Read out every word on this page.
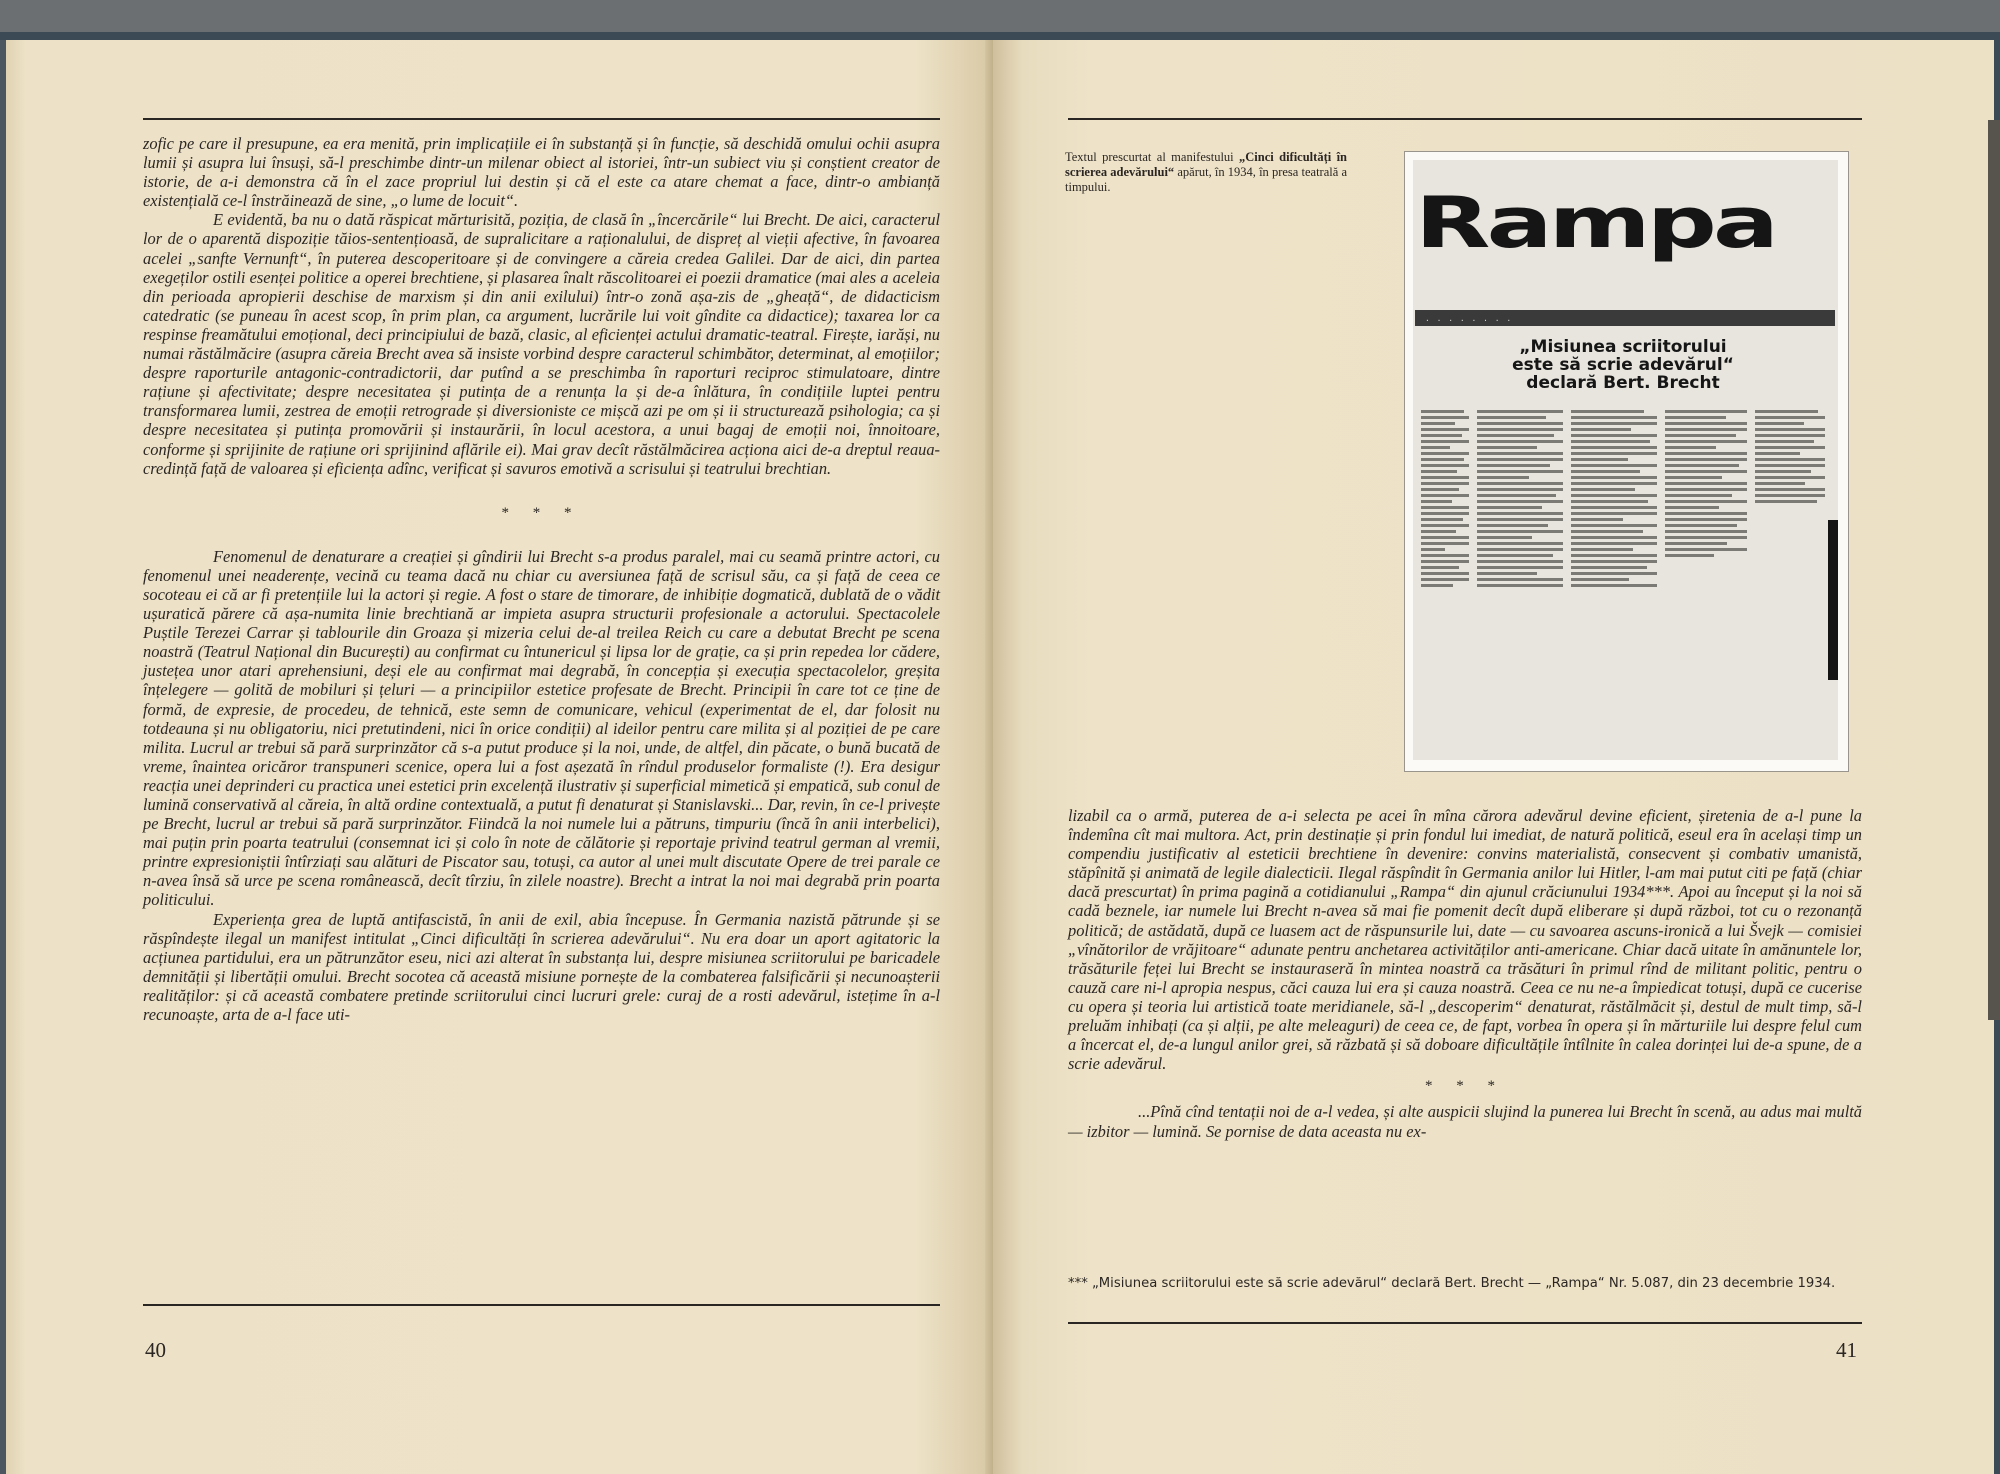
zofic pe care il presupune, ea era menită, prin implicațiile ei în substanță și în funcție, să deschidă omului ochii asupra lumii și asupra lui însuși, să-l preschimbe dintr-un milenar obiect al istoriei, într-un subiect viu și conștient creator de istorie, de a-i demonstra că în el zace propriul lui destin și că el este ca atare chemat a face, dintr-o ambianță existențială ce-l înstrăinează de sine, „o lume de locuit“.

E evidentă, ba nu o dată răspicat mărturisită, poziția, de clasă în „încercările“ lui Brecht. De aici, caracterul lor de o aparentă dispoziție tăios-sentențioasă, de supralicitare a raționalului, de dispreț al vieții afective, în favoarea acelei „sanfte Vernunft“, în puterea descoperitoare și de convingere a căreia credea Galilei. Dar de aici, din partea exegeților ostili esenței politice a operei brechtiene, și plasarea înalt răscolitoarei ei poezii dramatice (mai ales a aceleia din perioada apropierii deschise de marxism și din anii exilului) într-o zonă așa-zis de „gheață“, de didacticism catedratic (se puneau în acest scop, în prim plan, ca argument, lucrările lui voit gîndite ca didactice); taxarea lor ca respinse freamătului emoțional, deci principiului de bază, clasic, al eficienței actului dramatic-teatral. Firește, iarăși, nu numai răstălmăcire (asupra căreia Brecht avea să insiste vorbind despre caracterul schimbător, determinat, al emoțiilor; despre raporturile antagonic-contradictorii, dar putînd a se preschimba în raporturi reciproc stimulatoare, dintre rațiune și afectivitate; despre necesitatea și putința de a renunța la și de-a înlătura, în condițiile luptei pentru transformarea lumii, zestrea de emoții retrograde și diversioniste ce mișcă azi pe om și ii structurează psihologia; ca și despre necesitatea și putința promovării și instaurării, în locul acestora, a unui bagaj de emoții noi, înnoitoare, conforme și sprijinite de rațiune ori sprijinind aflările ei). Mai grav decît răstălmăcirea acționa aici de-a dreptul reaua-credință față de valoarea și eficiența adînc, verificat și savuros emotivă a scrisului și teatrului brechtian.

* * *

Fenomenul de denaturare a creației și gîndirii lui Brecht s-a produs paralel, mai cu seamă printre actori, cu fenomenul unei neaderențe, vecină cu teama dacă nu chiar cu aversiunea față de scrisul său, ca și față de ceea ce socoteau ei că ar fi pretențiile lui la actori și regie. A fost o stare de timorare, de inhibiție dogmatică, dublată de o vădit ușuratică părere că așa-numita linie brechtiană ar impieta asupra structurii profesionale a actorului. Spectacolele Puștile Terezei Carrar și tablourile din Groaza și mizeria celui de-al treilea Reich cu care a debutat Brecht pe scena noastră (Teatrul Național din București) au confirmat cu întunericul și lipsa lor de grație, ca și prin repedea lor cădere, justețea unor atari aprehensiuni, deși ele au confirmat mai degrabă, în concepția și execuția spectacolelor, greșita înțelegere — golită de mobiluri și țeluri — a principiilor estetice profesate de Brecht. Principii în care tot ce ține de formă, de expresie, de procedeu, de tehnică, este semn de comunicare, vehicul (experimentat de el, dar folosit nu totdeauna și nu obligatoriu, nici pretutindeni, nici în orice condiții) al ideilor pentru care milita și al poziției de pe care milita. Lucrul ar trebui să pară surprinzător că s-a putut produce și la noi, unde, de altfel, din păcate, o bună bucată de vreme, înaintea oricăror transpuneri scenice, opera lui a fost așezată în rîndul produselor formaliste (!). Era desigur reacția unei deprinderi cu practica unei estetici prin excelență ilustrativ și superficial mimetică și empatică, sub conul de lumină conservativă al căreia, în altă ordine contextuală, a putut fi denaturat și Stanislavski... Dar, revin, în ce-l privește pe Brecht, lucrul ar trebui să pară surprinzător. Fiindcă la noi numele lui a pătruns, timpuriu (încă în anii interbelici), mai puțin prin poarta teatrului (consemnat ici și colo în note de călătorie și reportaje privind teatrul german al vremii, printre expresioniștii întîrziați sau alături de Piscator sau, totuși, ca autor al unei mult discutate Opere de trei parale ce n-avea însă să urce pe scena românească, decît tîrziu, în zilele noastre). Brecht a intrat la noi mai degrabă prin poarta politicului.

Experiența grea de luptă antifascistă, în anii de exil, abia începuse. În Germania nazistă pătrunde și se răspîndește ilegal un manifest intitulat „Cinci dificultăți în scrierea adevărului“. Nu era doar un aport agitatoric la acțiunea partidului, era un pătrunzător eseu, nici azi alterat în substanța lui, despre misiunea scriitorului pe baricadele demnității și libertății omului. Brecht socotea că această misiune pornește de la combaterea falsificării și necunoașterii realităților: și că această combatere pretinde scriitorului cinci lucruri grele: curaj de a rosti adevărul, istețime în a-l recunoaște, arta de a-l face uti-

40
Textul prescurtat al manifestului „Cinci dificultăți în scrierea adevărului“ apărut, în 1934, în presa teatrală a timpului.	Rampa
· · · · · · · ·
„Misiunea scriitorului
este să scrie adevărul“
declară Bert. Brecht

lizabil ca o armă, puterea de a-i selecta pe acei în mîna cărora adevărul devine eficient, șiretenia de a-l pune la îndemîna cît mai multora. Act, prin destinație și prin fondul lui imediat, de natură politică, eseul era în același timp un compendiu justificativ al esteticii brechtiene în devenire: convins materialistă, consecvent și combativ umanistă, stăpînită și animată de legile dialecticii. Ilegal răspîndit în Germania anilor lui Hitler, l-am mai putut citi pe față (chiar dacă prescurtat) în prima pagină a cotidianului „Rampa“ din ajunul crăciunului 1934***. Apoi au început și la noi să cadă beznele, iar numele lui Brecht n-avea să mai fie pomenit decît după eliberare și după război, tot cu o rezonanță politică; de astădată, după ce luasem act de răspunsurile lui, date — cu savoarea ascuns-ironică a lui Švejk — comisiei „vînătorilor de vrăjitoare“ adunate pentru anchetarea activităților anti-americane. Chiar dacă uitate în amănuntele lor, trăsăturile feței lui Brecht se instauraseră în mintea noastră ca trăsături în primul rînd de militant politic, pentru o cauză care ni-l apropia nespus, căci cauza lui era și cauza noastră. Ceea ce nu ne-a împiedicat totuși, după ce cucerise cu opera și teoria lui artistică toate meridianele, să-l „descoperim“ denaturat, răstălmăcit și, destul de mult timp, să-l preluăm inhibați (ca și alții, pe alte meleaguri) de ceea ce, de fapt, vorbea în opera și în mărturiile lui despre felul cum a încercat el, de-a lungul anilor grei, să răzbată și să doboare dificultățile întîlnite în calea dorinței lui de-a spune, de a scrie adevărul.

* * *

...Pînă cînd tentații noi de a-l vedea, și alte auspicii slujind la punerea lui Brecht în scenă, au adus mai multă — izbitor — lumină. Se pornise de data aceasta nu ex-

*** „Misiunea scriitorului este să scrie adevărul“ declară Bert. Brecht — „Rampa“ Nr. 5.087, din 23 decembrie 1934.
41
